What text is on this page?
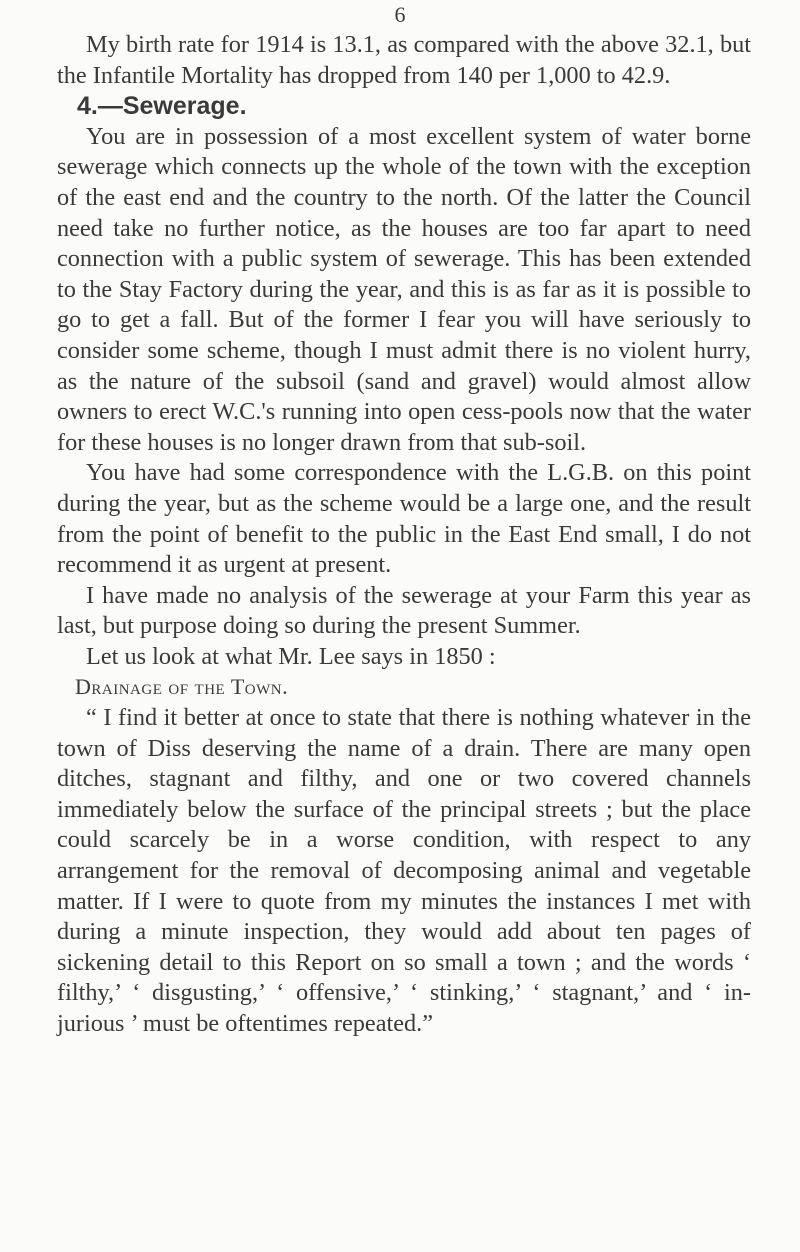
6

My birth rate for 1914 is 13.1, as compared with the above 32.1, but the Infantile Mortality has dropped from 140 per 1,000 to 42.9.

4.—Sewerage.

You are in possession of a most excellent system of water borne sewerage which connects up the whole of the town with the exception of the east end and the country to the north. Of the latter the Council need take no further notice, as the houses are too far apart to need connection with a public system of sewerage. This has been extended to the Stay Factory during the year, and this is as far as it is possible to go to get a fall. But of the former I fear you will have seriously to consider some scheme, though I must admit there is no violent hurry, as the nature of the subsoil (sand and gravel) would almost allow owners to erect W.C.'s running into open cess-pools now that the water for these houses is no longer drawn from that sub-soil.

You have had some correspondence with the L.G.B. on this point during the year, but as the scheme would be a large one, and the result from the point of benefit to the public in the East End small, I do not recommend it as urgent at present.

I have made no analysis of the sewerage at your Farm this year as last, but purpose doing so during the present Summer.

Let us look at what Mr. Lee says in 1850 :

Drainage of the Town.

“ I find it better at once to state that there is nothing whatever in the town of Diss deserving the name of a drain. There are many open ditches, stagnant and filthy, and one or two covered channels immediately below the surface of the principal streets ; but the place could scarcely be in a worse condition, with respect to any arrangement for the removal of decomposing animal and vegetable matter. If I were to quote from my minutes the instances I met with during a minute inspection, they would add about ten pages of sickening detail to this Report on so small a town ; and the words ‘ filthy,’ ‘ disgusting,’ ‘ offensive,’ ‘ stinking,’ ‘ stagnant,’ and ‘ in- jurious ’ must be oftentimes repeated.”
